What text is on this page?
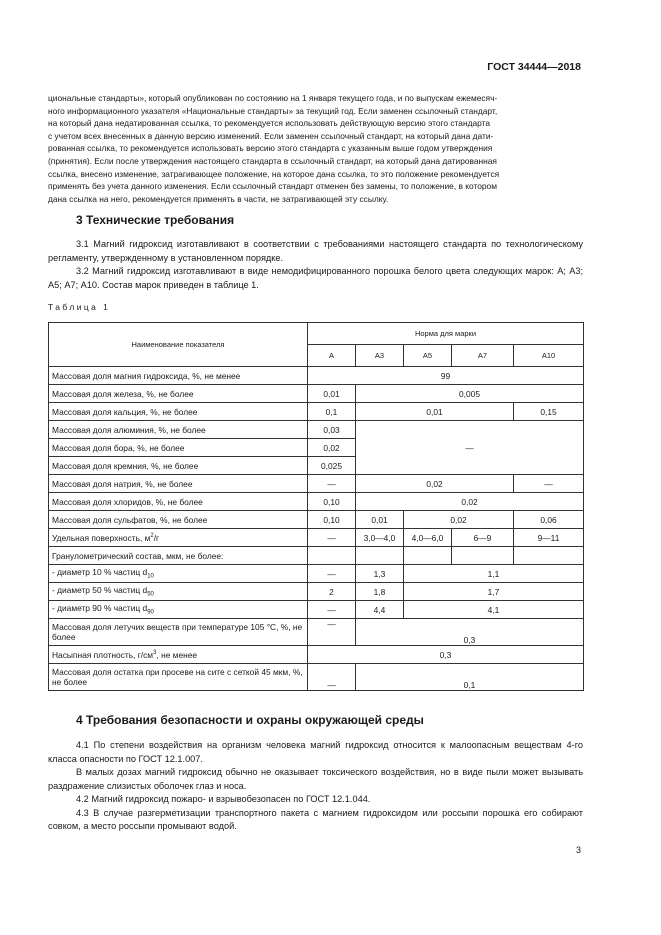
ГОСТ 34444—2018

циональные стандарты», который опубликован по состоянию на 1 января текущего года, и по выпускам ежемесяч-

ного информационного указателя «Национальные стандарты» за текущий год. Если заменен ссылочный стандарт,

на который дана недатированная ссылка, то рекомендуется использовать действующую версию этого стандарта

с учетом всех внесенных в данную версию изменений. Если заменен ссылочный стандарт, на который дана дати-

рованная ссылка, то рекомендуется использовать версию этого стандарта с указанным выше годом утверждения

(принятия). Если после утверждения настоящего стандарта в ссылочный стандарт, на который дана датированная

ссылка, внесено изменение, затрагивающее положение, на которое дана ссылка, то это положение рекомендуется

применять без учета данного изменения. Если ссылочный стандарт отменен без замены, то положение, в котором

дана ссылка на него, рекомендуется применять в части, не затрагивающей эту ссылку.

3 Технические требования

3.1 Магний гидроксид изготавливают в соответствии с требованиями настоящего стандарта по технологическому регламенту, утвержденному в установленном порядке.

3.2 Магний гидроксид изготавливают в виде немодифицированного порошка белого цвета следующих марок: А; А3; А5; А7; А10. Состав марок приведен в таблице 1.

Таблица 1
Наименование показателя	Норма для марки				
	А	А3	А5	А7	А10
Массовая доля магния гидроксида, %, не менее	99				
Массовая доля железа, %, не более	0,01	0,005			
Массовая доля кальция, %, не более	0,1	0,01			0,15
Массовая доля алюминия, %, не более	0,03	—			
Массовая доля бора, %, не более	0,02				
Массовая доля кремния, %, не более	0,025				
Массовая доля натрия, %, не более	—	0,02			—
Массовая доля хлоридов, %, не более	0,10	0,02			
Массовая доля сульфатов, %, не более	0,10	0,01	0,02		0,06
Удельная поверхность, $м^2/г$	—	3,0—4,0	4,0—6,0	6—9	9—11
Гранулометрический состав, мкм, не более:					
- диаметр 10 % частиц $d_{10}$	—	1,3	1,1		
- диаметр 50 % частиц $d_{50}$	2	1,8	1,7		
- диаметр 90 % частиц $d_{90}$	—	4,4	4,1		
Массовая доля летучих веществ при температуре 105 °С, %, не более	—	0,3			
Насыпная плотность, $г/см^3$, не менее	0,3				
Массовая доля остатка при просеве на сите с сеткой 45 мкм, %, не более	—	0,1			
4 Требования безопасности и охраны окружающей среды

4.1 По степени воздействия на организм человека магний гидроксид относится к малоопасным веществам 4-го класса опасности по ГОСТ 12.1.007.

В малых дозах магний гидроксид обычно не оказывает токсического воздействия, но в виде пыли может вызывать раздражение слизистых оболочек глаз и носа.

4.2 Магний гидроксид пожаро- и взрывобезопасен по ГОСТ 12.1.044.

4.3 В случае разгерметизации транспортного пакета с магнием гидроксидом или россыпи порошка его собирают совком, а место россыпи промывают водой.

3
